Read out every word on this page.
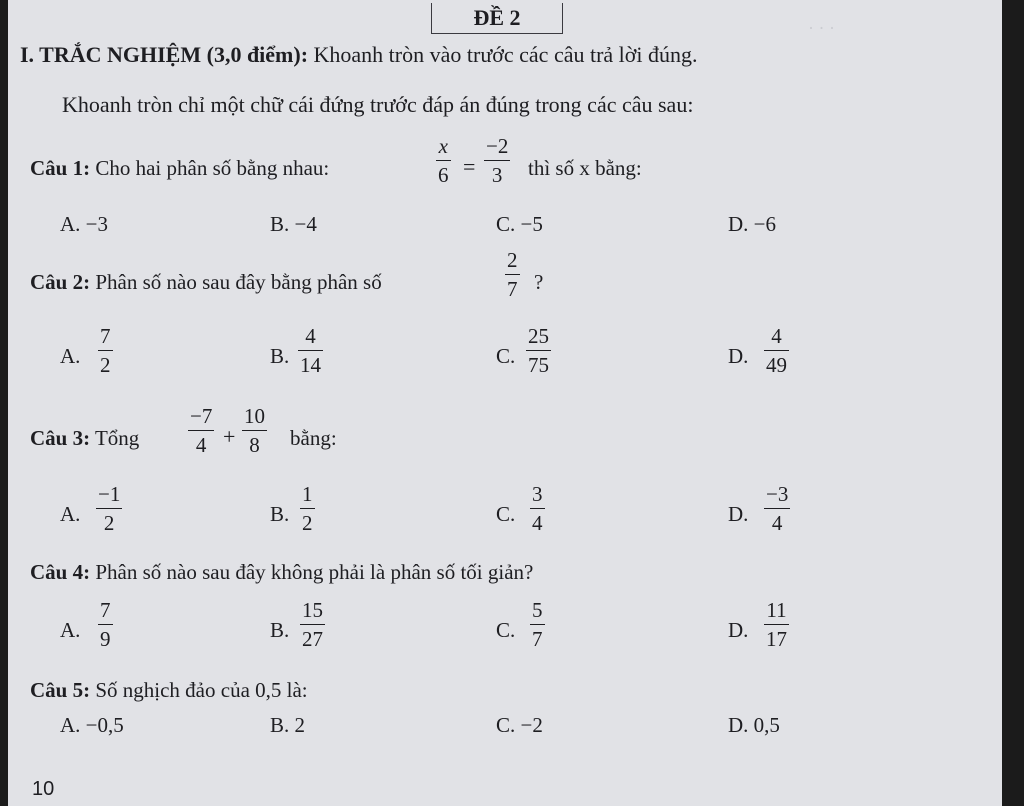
· · ·
ĐỀ 2
I. TRẮC NGHIỆM (3,0 điểm): Khoanh tròn vào trước các câu trả lời đúng.
Khoanh tròn chỉ một chữ cái đứng trước đáp án đúng trong các câu sau:
Câu 1: Cho hai phân số bằng nhau:
x
6 =
−2
3 thì số x bằng:
A. −3	B. −4	C. −5	D. −6
Câu 2: Phân số nào sau đây bằng phân số
2
7 ?
A.
7
2	B.
4
14	C.
25
75	D.
4
49
Câu 3: Tổng
−7
4 +
10
8 bằng:
A.
−1
2	B.
1
2	C.
3
4	D.
−3
4
Câu 4: Phân số nào sau đây không phải là phân số tối giản?
A.
7
9	B.
15
27	C.
5
7	D.
11
17
Câu 5: Số nghịch đảo của 0,5 là:
A. −0,5	B. 2	C. −2	D. 0,5
10
